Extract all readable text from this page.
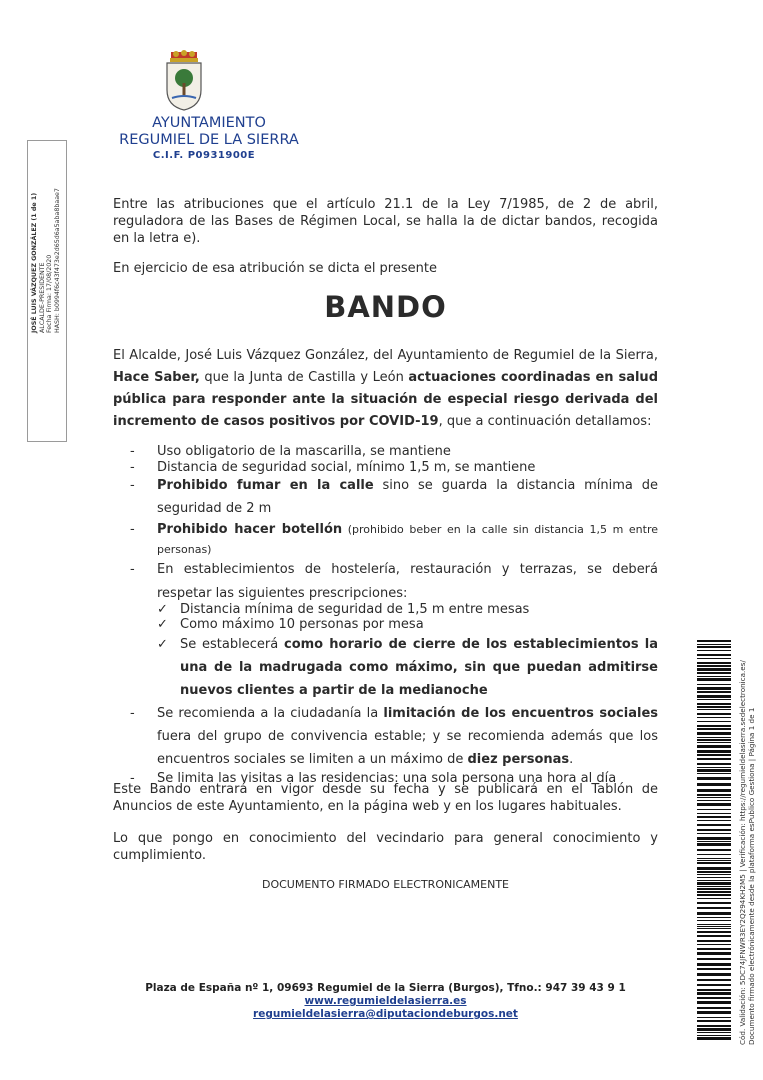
AYUNTAMIENTO
REGUMIEL DE LA SIERRA
C.I.F. P0931900E
JOSÉ LUIS VÁZQUEZ GONZÁLEZ (1 de 1) ALCALDE-PRESIDENTE Fecha Firma: 17/08/2020 HASH: b0994f6c43f473e2d65d6a5aba8baae7	Entre las atribuciones que el artículo 21.1 de la Ley 7/1985, de 2 de abril, reguladora de las Bases de Régimen Local, se halla la de dictar bandos, recogida en la letra e).
En ejercicio de esa atribución se dicta el presente
BANDO
El Alcalde, José Luis Vázquez González, del Ayuntamiento de Regumiel de la Sierra, Hace Saber, que la Junta de Castilla y León actuaciones coordinadas en salud pública para responder ante la situación de especial riesgo derivada del incremento de casos positivos por COVID-19, que a continuación detallamos:
- Uso obligatorio de la mascarilla, se mantiene
- Distancia de seguridad social, mínimo 1,5 m, se mantiene
- Prohibido fumar en la calle sino se guarda la distancia mínima de seguridad de 2 m
- Prohibido hacer botellón (prohibido beber en la calle sin distancia 1,5 m entre personas)
- En establecimientos de hostelería, restauración y terrazas, se deberá respetar las siguientes prescripciones:
✓ Distancia mínima de seguridad de 1,5 m entre mesas
✓ Como máximo 10 personas por mesa
✓ Se establecerá como horario de cierre de los establecimientos la una de la madrugada como máximo, sin que puedan admitirse nuevos clientes a partir de la medianoche
- Se recomienda a la ciudadanía la limitación de los encuentros sociales fuera del grupo de convivencia estable; y se recomienda además que los encuentros sociales se limiten a un máximo de diez personas.
- Se limita las visitas a las residencias: una sola persona una hora al día
Este Bando entrará en vigor desde su fecha y se publicará en el Tablón de Anuncios de este Ayuntamiento, en la página web y en los lugares habituales.
Lo que pongo en conocimiento del vecindario para general conocimiento y cumplimiento.
DOCUMENTO FIRMADO ELECTRONICAMENTE
Plaza de España nº 1, 09693 Regumiel de la Sierra (Burgos), Tfno.: 947 39 43 9 1
www.regumieldelasierra.es
regumieldelasierra@diputaciondeburgos.net	Cód. Validación: 5DC74JFNWR3EY2Q294KH2M5 | Verificación: https://regumieldelasierra.sedelectronica.es/ Documento firmado electrónicamente desde la plataforma esPublico Gestiona | Página 1 de 1
